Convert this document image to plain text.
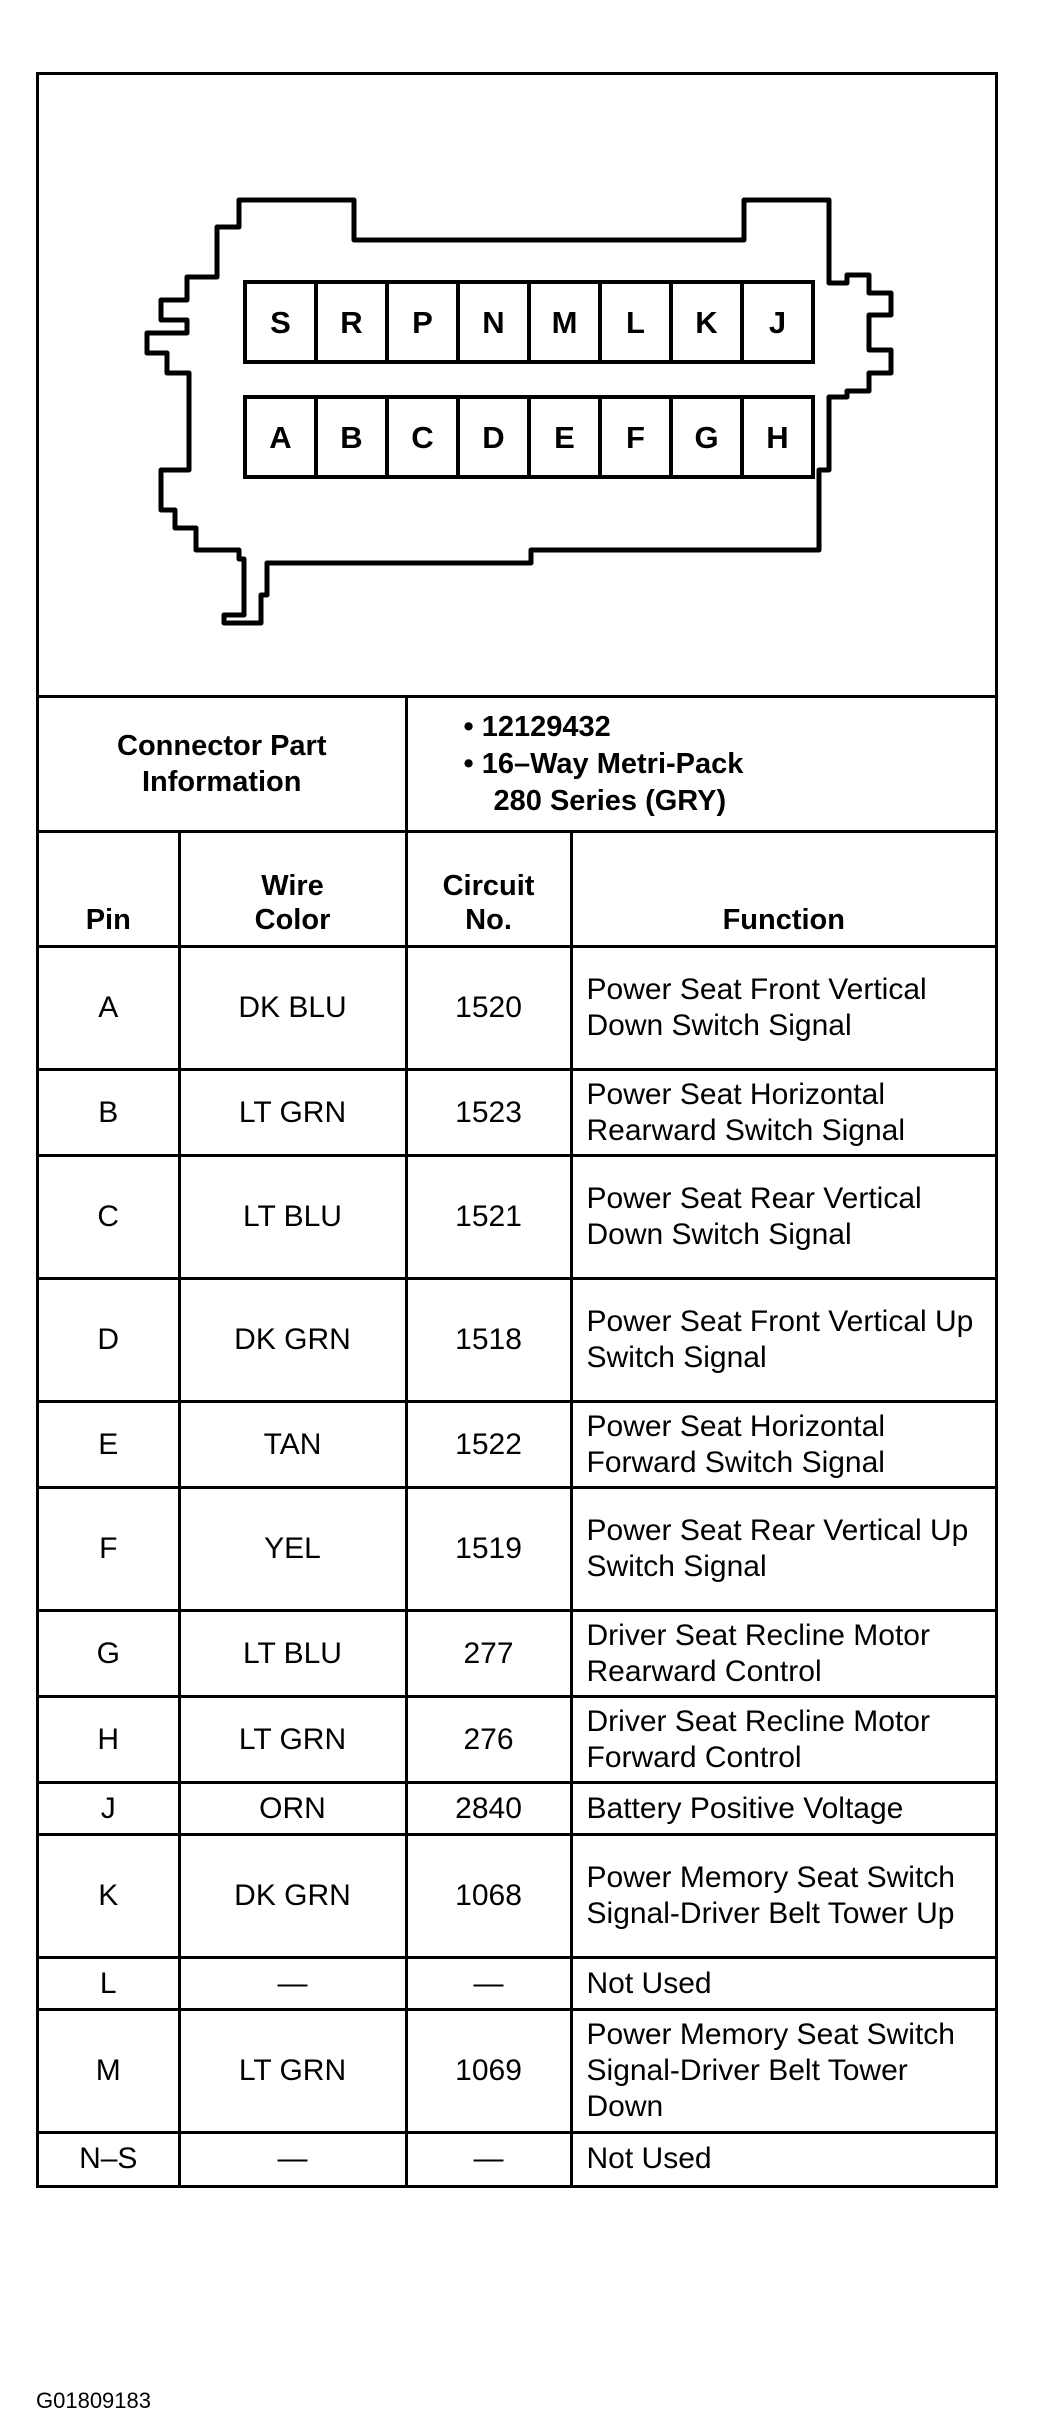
S R P N M L K J
A B C D E F G H
Connector Part Information		• 12129432
• 16–Way Metri-Pack
280 Series (GRY)	

Pin	Wire Color	Circuit No.	Function
A	DK BLU	1520	Power Seat Front Vertical Down Switch Signal
B	LT GRN	1523	Power Seat Horizontal Rearward Switch Signal
C	LT BLU	1521	Power Seat Rear Vertical Down Switch Signal
D	DK GRN	1518	Power Seat Front Vertical Up Switch Signal
E	TAN	1522	Power Seat Horizontal Forward Switch Signal
F	YEL	1519	Power Seat Rear Vertical Up Switch Signal
G	LT BLU	277	Driver Seat Recline Motor Rearward Control
H	LT GRN	276	Driver Seat Recline Motor Forward Control
J	ORN	2840	Battery Positive Voltage
K	DK GRN	1068	Power Memory Seat Switch Signal-Driver Belt Tower Up
L	—	—	Not Used
M	LT GRN	1069	Power Memory Seat Switch Signal-Driver Belt Tower Down
N–S	—	—	Not Used
G01809183
